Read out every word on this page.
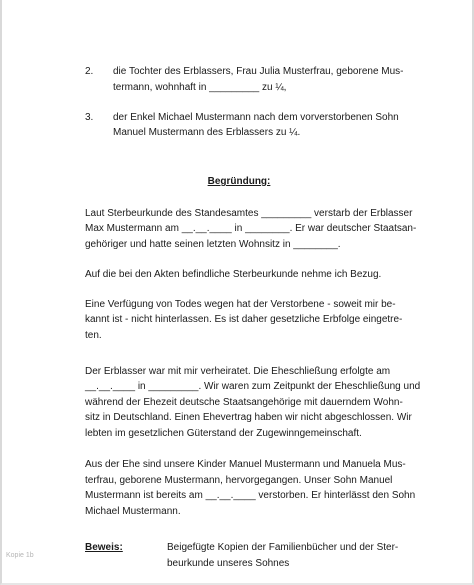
2. die Tochter des Erblassers, Frau Julia Musterfrau, geborene Mus-
termann, wohnhaft in _________ zu ¼,
3. der Enkel Michael Mustermann nach dem vorverstorbenen Sohn
Manuel Mustermann des Erblassers zu ¼.
Begründung:
Laut Sterbeurkunde des Standesamtes _________ verstarb der Erblasser
Max Mustermann am __.__.____ in ________. Er war deutscher Staatsan-
gehöriger und hatte seinen letzten Wohnsitz in ________.
Auf die bei den Akten befindliche Sterbeurkunde nehme ich Bezug.
Eine Verfügung von Todes wegen hat der Verstorbene - soweit mir be-
kannt ist - nicht hinterlassen. Es ist daher gesetzliche Erbfolge eingetre-
ten.
Der Erblasser war mit mir verheiratet. Die Eheschließung erfolgte am
__.__.____ in _________. Wir waren zum Zeitpunkt der Eheschließung und
während der Ehezeit deutsche Staatsangehörige mit dauerndem Wohn-
sitz in Deutschland. Einen Ehevertrag haben wir nicht abgeschlossen. Wir
lebten im gesetzlichen Güterstand der Zugewinngemeinschaft.
Aus der Ehe sind unsere Kinder Manuel Mustermann und Manuela Mus-
terfrau, geborene Mustermann, hervorgegangen. Unser Sohn Manuel
Mustermann ist bereits am __.__.____ verstorben. Er hinterlässt den Sohn
Michael Mustermann.
Beweis:	Beigefügte Kopien der Familienbücher und der Ster-
beurkunde unseres Sohnes
Kopie 1b
